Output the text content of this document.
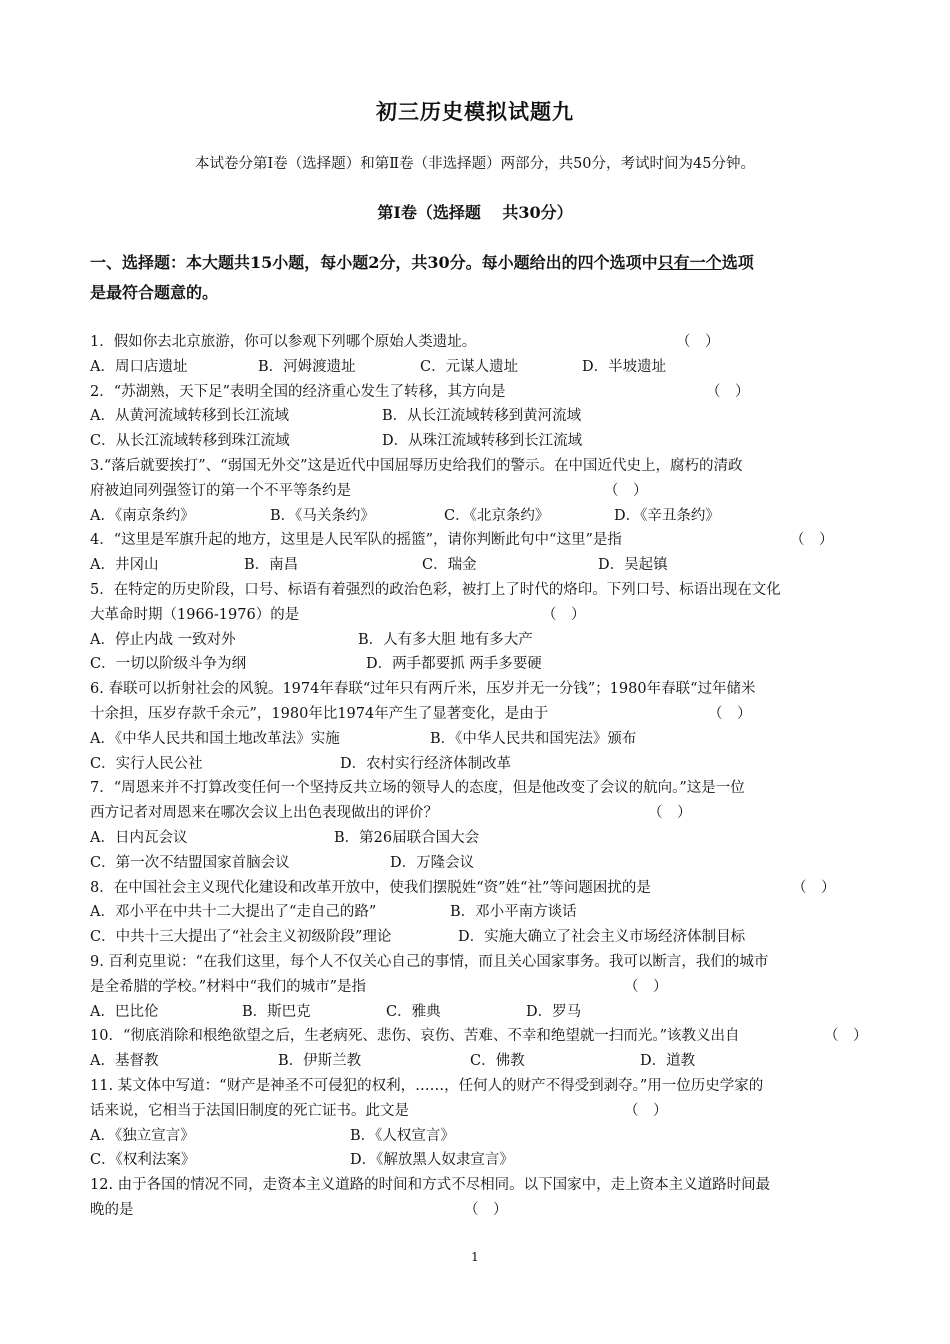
初三历史模拟试题九
本试卷分第Ⅰ卷（选择题）和第Ⅱ卷（非选择题）两部分，共50分，考试时间为45分钟。
第Ⅰ卷（选择题　 共30分）
一、选择题：本大题共15小题，每小题2分，共30分。每小题给出的四个选项中只有一个选项
是最符合题意的。
1．假如你去北京旅游，你可以参观下列哪个原始人类遗址。	（　）
A．周口店遗址	B．河姆渡遗址	C．元谋人遗址	D．半坡遗址
2．“苏湖熟，天下足”表明全国的经济重心发生了转移，其方向是	（　）
A．从黄河流域转移到长江流域	B．从长江流域转移到黄河流域
C．从长江流域转移到珠江流域	D．从珠江流域转移到长江流域
3.“落后就要挨打”、“弱国无外交”这是近代中国屈辱历史给我们的警示。在中国近代史上，腐朽的清政
府被迫同列强签订的第一个不平等条约是	（　）
A．《南京条约》	B．《马关条约》	C．《北京条约》	D．《辛丑条约》
4．“这里是军旗升起的地方，这里是人民军队的摇篮”，请你判断此句中“这里”是指	（　）
A．井冈山	B．南昌	C．瑞金	D．吴起镇
5．在特定的历史阶段，口号、标语有着强烈的政治色彩，被打上了时代的烙印。下列口号、标语出现在文化
大革命时期（1966-1976）的是	（　）
A．停止内战 一致对外	B．人有多大胆 地有多大产
C．一切以阶级斗争为纲	D．两手都要抓 两手多要硬
6. 春联可以折射社会的风貌。1974年春联“过年只有两斤米，压岁并无一分钱”；1980年春联“过年储米
十余担，压岁存款千余元”，1980年比1974年产生了显著变化，是由于	（　）
A．《中华人民共和国土地改革法》实施	B．《中华人民共和国宪法》颁布
C．实行人民公社	D．农村实行经济体制改革
7．“周恩来并不打算改变任何一个坚持反共立场的领导人的态度，但是他改变了会议的航向。”这是一位
西方记者对周恩来在哪次会议上出色表现做出的评价？	（　）
A．日内瓦会议	B．第26届联合国大会
C．第一次不结盟国家首脑会议	D．万隆会议
8．在中国社会主义现代化建设和改革开放中，使我们摆脱姓“资”姓“社”等问题困扰的是	（　）
A．邓小平在中共十二大提出了“走自己的路”	B．邓小平南方谈话
C．中共十三大提出了“社会主义初级阶段”理论	D．实施大确立了社会主义市场经济体制目标
9. 百利克里说：“在我们这里，每个人不仅关心自己的事情，而且关心国家事务。我可以断言，我们的城市
是全希腊的学校。”材料中“我们的城市”是指	（　）
A．巴比伦	B．斯巴克	C．雅典	D．罗马
10．“彻底消除和根绝欲望之后，生老病死、悲伤、哀伤、苦难、不幸和绝望就一扫而光。”该教义出自	（　）
A．基督教	B．伊斯兰教	C．佛教	D．道教
11. 某文体中写道：“财产是神圣不可侵犯的权利，……，任何人的财产不得受到剥夺。”用一位历史学家的
话来说，它相当于法国旧制度的死亡证书。此文是	（　）
A．《独立宣言》	B．《人权宣言》
C．《权利法案》	D．《解放黑人奴隶宣言》
12. 由于各国的情况不同，走资本主义道路的时间和方式不尽相同。以下国家中，走上资本主义道路时间最
晚的是	（　）
1
